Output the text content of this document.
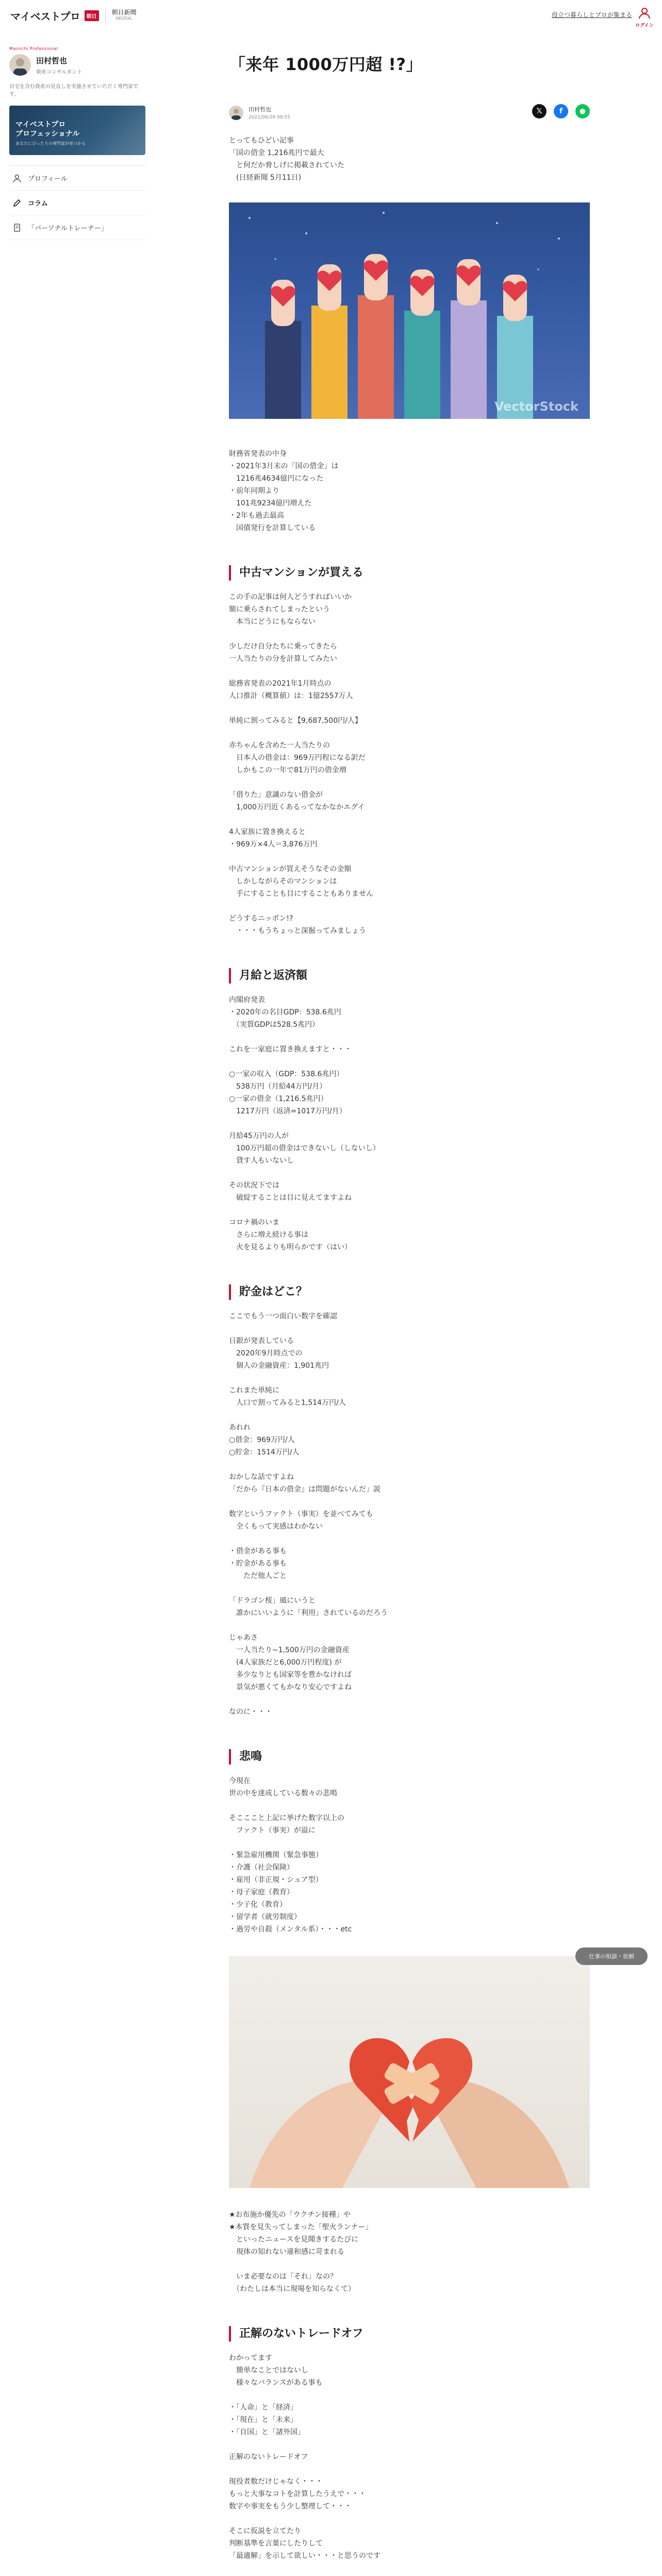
マイベストプロ	朝日
朝日新聞
DIGITAL	役立つ暮らしとプロが集まる
ログイン
Mainichi Professional
田村哲也
資産コンサルタント
自宅を含む資産の見直しを実施させていただく専門家です。
マイベストプロ
プロフェッショナル
あなたにぴったりの専門家が見つかる
プロフィール
コラム
「パーソナルトレーナー」
「来年 1000万円超 !?」
田村哲也
2021/06/29 09:55
𝕏	f	●

とってもひどい記事
「国の借金 1,216兆円で最大
　と何だか脅しげに掲載されていた
　(日経新聞 5月11日)

VectorStock

財務省発表の中身
・2021年3月末の「国の借金」は
　1216兆4634億円になった
・前年同期より
　101兆9234億円増えた
・2年も過去最高
　国債発行を計算している

中古マンションが買える

この手の記事は何人どうすればいいか
額に乗らされてしまったという
　本当にどうにもならない

少しだけ自分たちに乗ってきたら
一人当たりの分を計算してみたい

総務省発表の2021年1月時点の
人口推計（概算値）は：1億2557万人

単純に割ってみると【9,687,500円/人】

赤ちゃんを含めた一人当たりの
　日本人の借金は：969万円程になる訳だ
　しかもこの一年で81万円の借金増

「借りた」意識のない借金が
　1,000万円近くあるってなかなかエグイ

4人家族に置き換えると
・969万×4人＝3,876万円

中古マンションが買えそうなその金額
　しかしながらそのマンションは
　手にすることも目にすることもありません

どうするニッポン!?
　・・・もうちょっと深掘ってみましょう

月給と返済額

内閣府発表
・2020年の名目GDP：538.6兆円
　（実質GDPは528.5兆円）

これを一家庭に置き換えますと・・・

○一家の収入（GDP：538.6兆円）
　538万円（月給44万円/月）
○一家の借金（1,216.5兆円）
　1217万円（返済=1017万円/月）

月給45万円の人が
　100万円超の借金はできないし（しないし）
　貸す人もいないし

その状況下では
　破綻することは目に見えてますよね

コロナ禍のいま
　さらに増え続ける事は
　火を見るよりも明らかです（はい）

貯金はどこ？

ここでもう一つ面白い数字を確認

日銀が発表している
　2020年9月時点での
　個人の金融資産：1,901兆円

これまた単純に
　人口で割ってみると1,514万円/人

あれれ
○借金：969万円/人
○貯金：1514万円/人

おかしな話ですよね
「だから『日本の借金』は問題がないんだ」説

数字というファクト（事実）を並べてみても
　全くもって実感はわかない

・借金がある事も
・貯金がある事も
　　ただ他人ごと

「ドラゴン桜」風にいうと
　誰かにいいように「利用」されているのだろう

じゃあさ
　一人当たり∼1,500万円の金融資産
　(4人家族だと6,000万円程度) が
　多少なりとも国家等を豊かなければ
　景気が悪くてもかなり安心ですよね

なのに・・・

悲鳴

今現在
世の中を達成している数々の悲鳴

そこここと上記に挙げた数字以上の
　ファクト（事実）が溢に

・緊急雇用機関（緊急事態）
・介護（社会保険）
・雇用（非正規・シュア型）
・母子家庭（教育）
・少子化（教育）
・留学者（就労制度）
・過労や自殺（メンタル系）・・・etc

★お布施か優先の「ウクチン接種」や
★本質を見失ってしまった「聖火ランナー」
　といったニュースを見聞きするたびに
　現体の知れない違和感に苛まれる

　いま必要なのは「それ」なの？
　（わたしは本当に現場を知らなくて）

正解のないトレードオフ

わかってます
　簡単なことではないし
　様々なバランスがある事も

・「人命」と「経済」
・「現在」と「未来」
・「自国」と「諸外国」

正解のないトレードオフ

現役者数だけじゃなく・・・
もっと大事なコトを計算したうえで・・・
数字や事実をもう少し整理して・・・

そこに仮説を立てたり
判断基準を言葉にしたりして
「最適解」を示して欲しい・・・と思うのです

仕事の相談・依頼
